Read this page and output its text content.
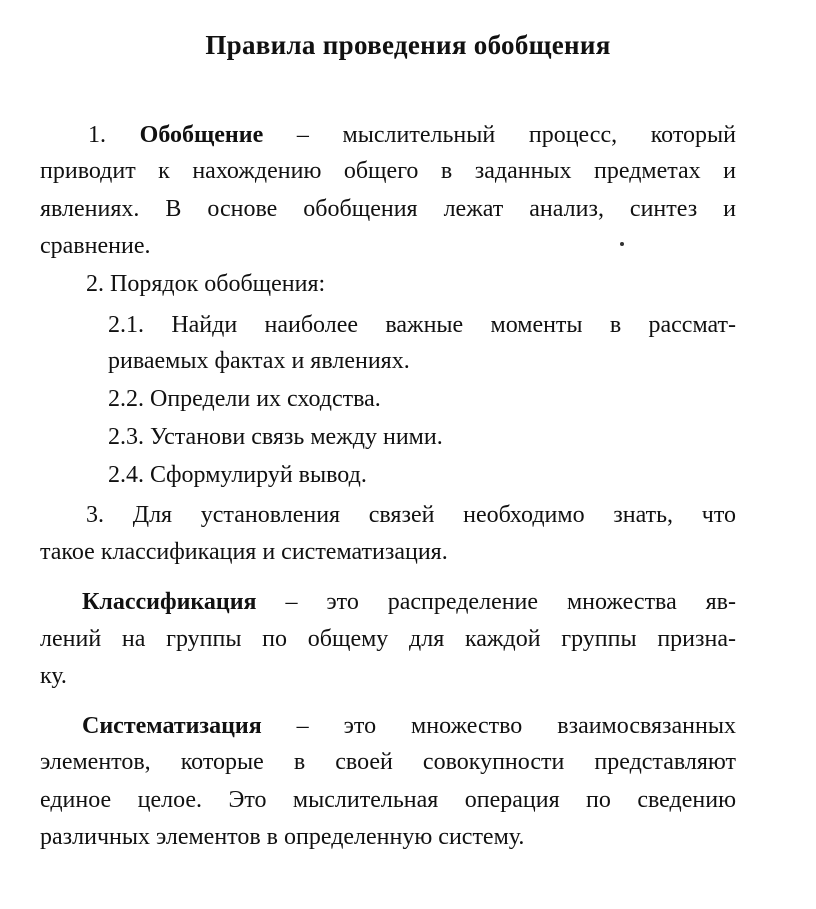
Правила проведения обобщения
1. Обобщение – мыслительный процесс, который
приводит к нахождению общего в заданных предметах и
явлениях. В основе обобщения лежат анализ, синтез и
сравнение.
2. Порядок обобщения:
2.1. Найди наиболее важные моменты в рассмат-
риваемых фактах и явлениях.
2.2. Определи их сходства.
2.3. Установи связь между ними.
2.4. Сформулируй вывод.
3. Для установления связей необходимо знать, что
такое классификация и систематизация.
Классификация – это распределение множества яв-
лений на группы по общему для каждой группы призна-
ку.
Систематизация – это множество взаимосвязанных
элементов, которые в своей совокупности представляют
единое целое. Это мыслительная операция по сведению
различных элементов в определенную систему.
